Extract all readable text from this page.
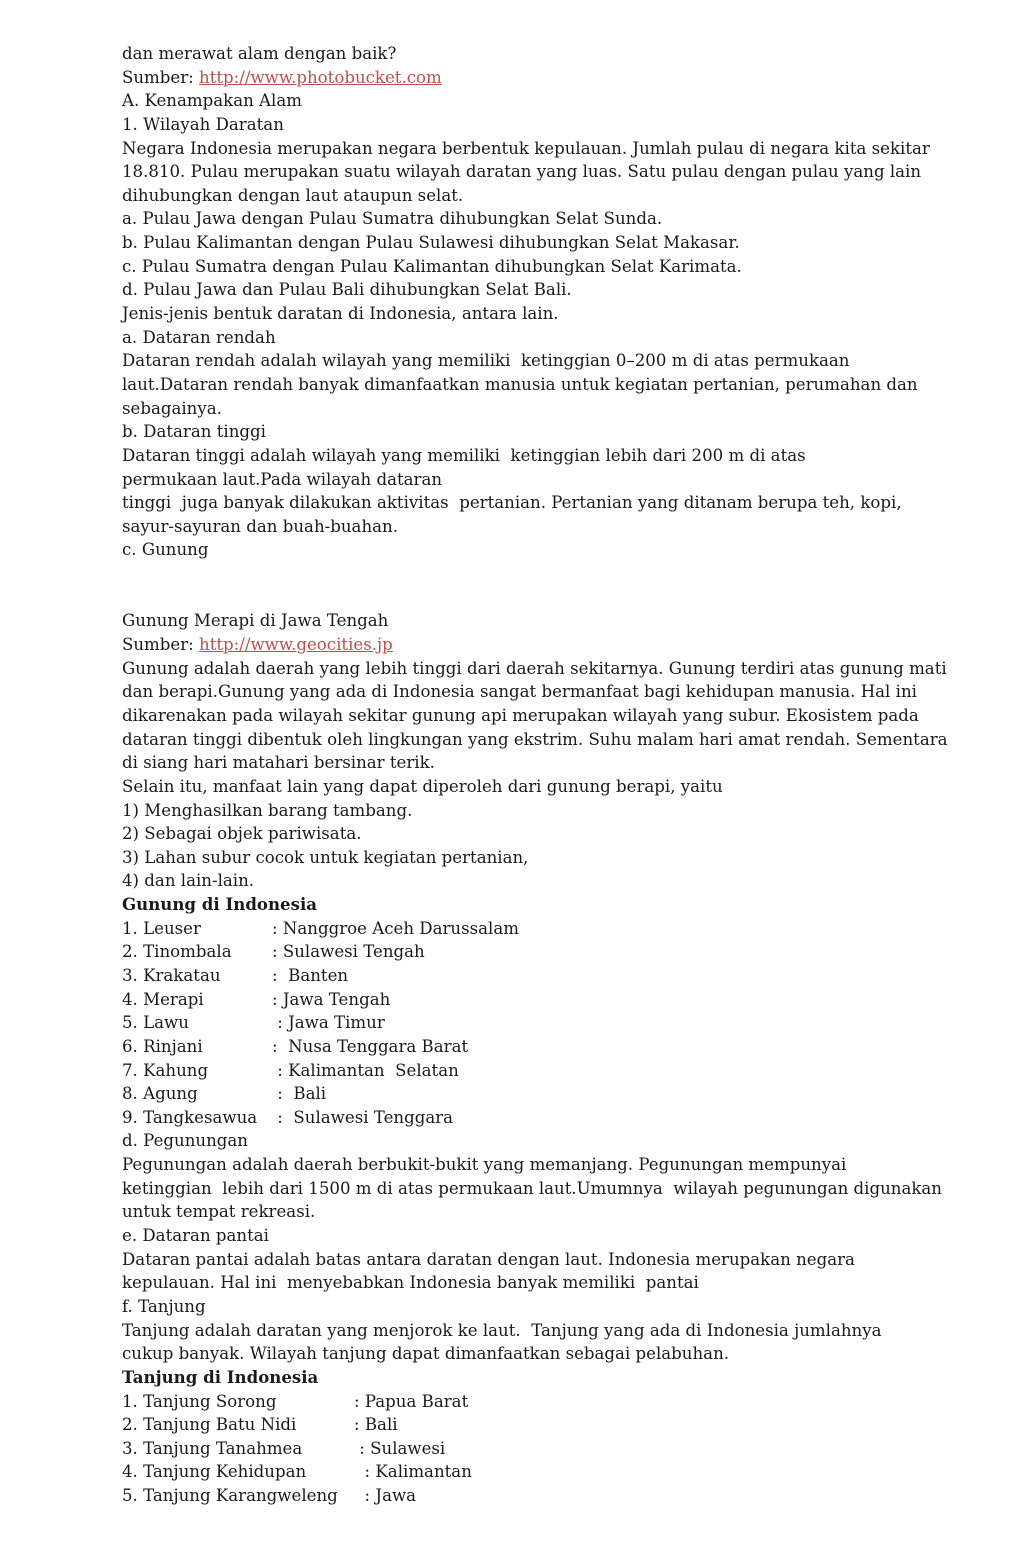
dan merawat alam dengan baik?
Sumber: http://www.photobucket.com
A. Kenampakan Alam
1. Wilayah Daratan
Negara Indonesia merupakan negara berbentuk kepulauan. Jumlah pulau di negara kita sekitar
18.810. Pulau merupakan suatu wilayah daratan yang luas. Satu pulau dengan pulau yang lain
dihubungkan dengan laut ataupun selat.
a. Pulau Jawa dengan Pulau Sumatra dihubungkan Selat Sunda.
b. Pulau Kalimantan dengan Pulau Sulawesi dihubungkan Selat Makasar.
c. Pulau Sumatra dengan Pulau Kalimantan dihubungkan Selat Karimata.
d. Pulau Jawa dan Pulau Bali dihubungkan Selat Bali.
Jenis-jenis bentuk daratan di Indonesia, antara lain.
a. Dataran rendah
Dataran rendah adalah wilayah yang memiliki  ketinggian 0–200 m di atas permukaan
laut.Dataran rendah banyak dimanfaatkan manusia untuk kegiatan pertanian, perumahan dan
sebagainya.
b. Dataran tinggi
Dataran tinggi adalah wilayah yang memiliki  ketinggian lebih dari 200 m di atas
permukaan laut.Pada wilayah dataran
tinggi  juga banyak dilakukan aktivitas  pertanian. Pertanian yang ditanam berupa teh, kopi,
sayur-sayuran dan buah-buahan.
c. Gunung
Gunung Merapi di Jawa Tengah
Sumber: http://www.geocities.jp
Gunung adalah daerah yang lebih tinggi dari daerah sekitarnya. Gunung terdiri atas gunung mati
dan berapi.Gunung yang ada di Indonesia sangat bermanfaat bagi kehidupan manusia. Hal ini
dikarenakan pada wilayah sekitar gunung api merupakan wilayah yang subur. Ekosistem pada
dataran tinggi dibentuk oleh lingkungan yang ekstrim. Suhu malam hari amat rendah. Sementara
di siang hari matahari bersinar terik.
Selain itu, manfaat lain yang dapat diperoleh dari gunung berapi, yaitu
1) Menghasilkan barang tambang.
2) Sebagai objek pariwisata.
3) Lahan subur cocok untuk kegiatan pertanian,
4) dan lain-lain.
Gunung di Indonesia
1. Leuser	: Nanggroe Aceh Darussalam
2. Tinombala	: Sulawesi Tengah
3. Krakatau	:  Banten
4. Merapi	: Jawa Tengah
5. Lawu	: Jawa Timur
6. Rinjani	:  Nusa Tenggara Barat
7. Kahung	: Kalimantan  Selatan
8. Agung	:  Bali
9. Tangkesawua :  Sulawesi Tenggara
d. Pegunungan
Pegunungan adalah daerah berbukit-bukit yang memanjang. Pegunungan mempunyai
ketinggian  lebih dari 1500 m di atas permukaan laut.Umumnya  wilayah pegunungan digunakan
untuk tempat rekreasi.
e. Dataran pantai
Dataran pantai adalah batas antara daratan dengan laut. Indonesia merupakan negara
kepulauan. Hal ini  menyebabkan Indonesia banyak memiliki  pantai
f. Tanjung
Tanjung adalah daratan yang menjorok ke laut.  Tanjung yang ada di Indonesia jumlahnya
cukup banyak. Wilayah tanjung dapat dimanfaatkan sebagai pelabuhan.
Tanjung di Indonesia
1. Tanjung Sorong	: Papua Barat
2. Tanjung Batu Nidi	: Bali
3. Tanjung Tanahmea	: Sulawesi
4. Tanjung Kehidupan	: Kalimantan
5. Tanjung Karangweleng : Jawa
